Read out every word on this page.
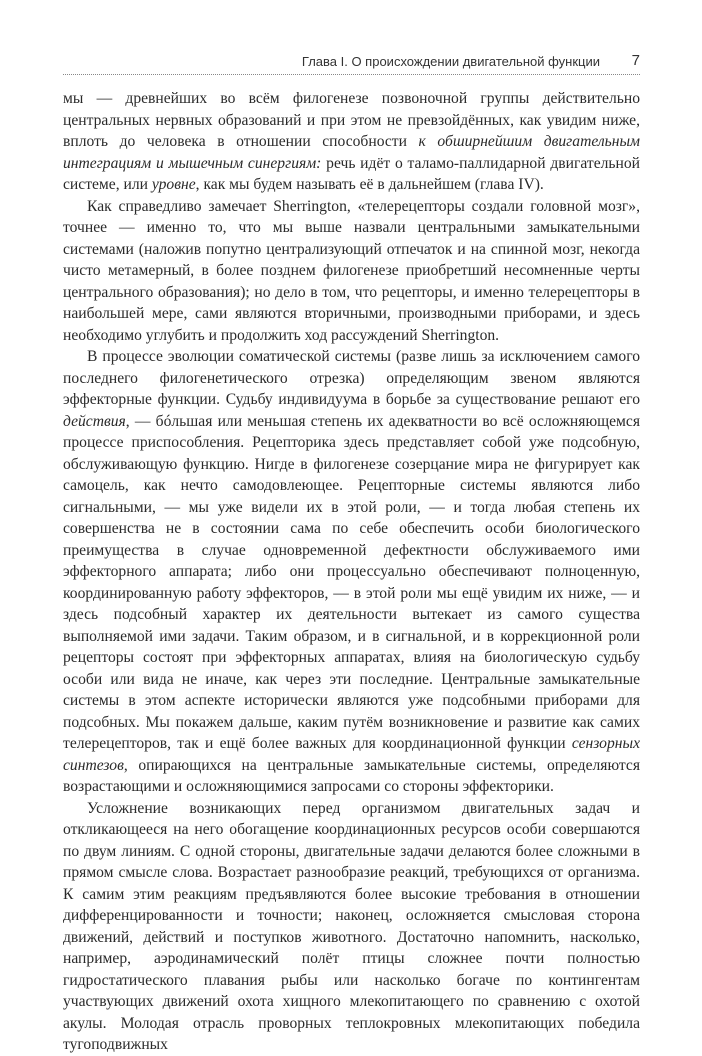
Глава I. О происхождении двигательной функции 7

мы — древнейших во всём филогенезе позвоночной группы действительно центральных нервных образований и при этом не превзойдённых, как увидим ниже, вплоть до человека в отношении способности к обширнейшим двигательным интеграциям и мышечным синергиям: речь идёт о таламо-паллидарной двигательной системе, или уровне, как мы будем называть её в дальнейшем (глава IV).

Как справедливо замечает Sherrington, «телерецепторы создали головной мозг», точнее — именно то, что мы выше назвали центральными замыкательными системами (наложив попутно централизующий отпечаток и на спинной мозг, некогда чисто метамерный, в более позднем филогенезе приобретший несомненные черты центрального образования); но дело в том, что рецепторы, и именно телерецепторы в наибольшей мере, сами являются вторичными, производными приборами, и здесь необходимо углубить и продолжить ход рассуждений Sherrington.

В процессе эволюции соматической системы (разве лишь за исключением самого последнего филогенетического отрезка) определяющим звеном являются эффекторные функции. Судьбу индивидуума в борьбе за существование решают его действия, — бóльшая или меньшая степень их адекватности во всё осложняющемся процессе приспособления. Рецепторика здесь представляет собой уже подсобную, обслуживающую функцию. Нигде в филогенезе созерцание мира не фигурирует как самоцель, как нечто самодовлеющее. Рецепторные системы являются либо сигнальными, — мы уже видели их в этой роли, — и тогда любая степень их совершенства не в состоянии сама по себе обеспечить особи биологического преимущества в случае одновременной дефектности обслуживаемого ими эффекторного аппарата; либо они процессуально обеспечивают полноценную, координированную работу эффекторов, — в этой роли мы ещё увидим их ниже, — и здесь подсобный характер их деятельности вытекает из самого существа выполняемой ими задачи. Таким образом, и в сигнальной, и в коррекционной роли рецепторы состоят при эффекторных аппаратах, влияя на биологическую судьбу особи или вида не иначе, как через эти последние. Центральные замыкательные системы в этом аспекте исторически являются уже подсобными приборами для подсобных. Мы покажем дальше, каким путём возникновение и развитие как самих телерецепторов, так и ещё более важных для координационной функции сензорных синтезов, опирающихся на центральные замыкательные системы, определяются возрастающими и осложняющимися запросами со стороны эффекторики.

Усложнение возникающих перед организмом двигательных задач и откликающееся на него обогащение координационных ресурсов особи совершаются по двум линиям. С одной стороны, двигательные задачи делаются более сложными в прямом смысле слова. Возрастает разнообразие реакций, требующихся от организма. К самим этим реакциям предъявляются более высокие требования в отношении дифференцированности и точности; наконец, осложняется смысловая сторона движений, действий и поступков животного. Достаточно напомнить, насколько, например, аэродинамический полёт птицы сложнее почти полностью гидростатического плавания рыбы или насколько богаче по контингентам участвующих движений охота хищного млекопитающего по сравнению с охотой акулы. Молодая отрасль проворных теплокровных млекопитающих победила тугоподвижных
